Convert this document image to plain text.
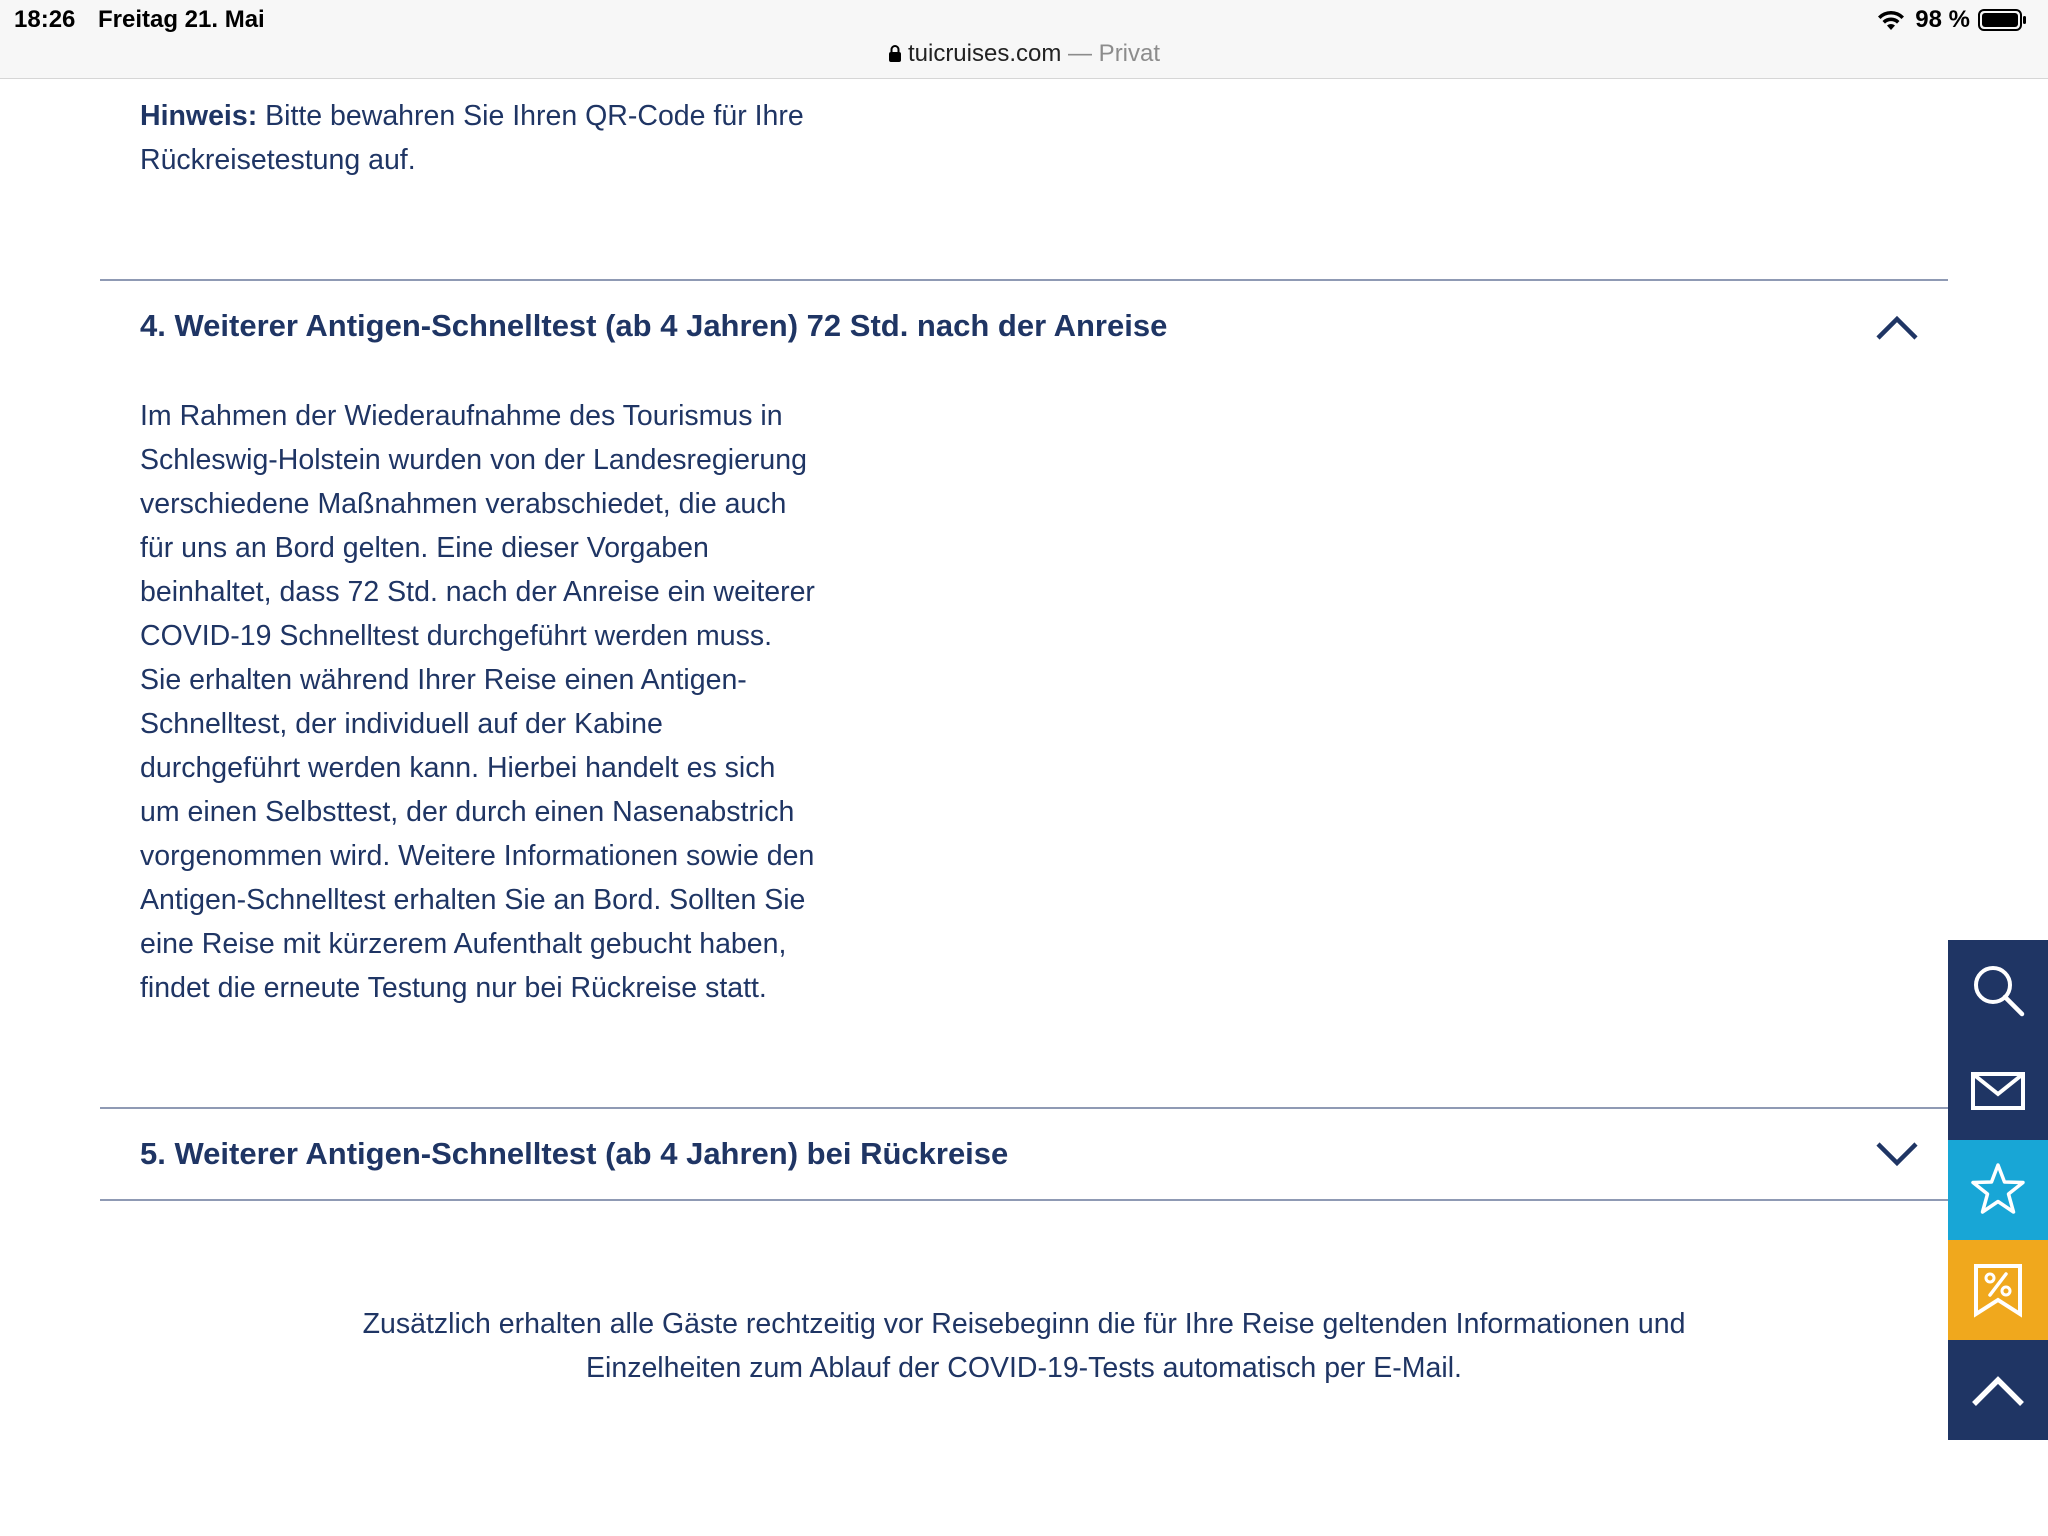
18:26 Freitag 21. Mai	98 %
tuicruises.com — Privat
Hinweis: Bitte bewahren Sie Ihren QR-Code für Ihre Rückreisetestung auf.
4. Weiterer Antigen-Schnelltest (ab 4 Jahren) 72 Std. nach der Anreise
Im Rahmen der Wiederaufnahme des Tourismus in Schleswig-Holstein wurden von der Landesregierung verschiedene Maßnahmen verabschiedet, die auch für uns an Bord gelten. Eine dieser Vorgaben beinhaltet, dass 72 Std. nach der Anreise ein weiterer COVID-19 Schnelltest durchgeführt werden muss. Sie erhalten während Ihrer Reise einen Antigen-Schnelltest, der individuell auf der Kabine durchgeführt werden kann. Hierbei handelt es sich um einen Selbsttest, der durch einen Nasenabstrich vorgenommen wird. Weitere Informationen sowie den Antigen-Schnelltest erhalten Sie an Bord. Sollten Sie eine Reise mit kürzerem Aufenthalt gebucht haben, findet die erneute Testung nur bei Rückreise statt.
5. Weiterer Antigen-Schnelltest (ab 4 Jahren) bei Rückreise
Zusätzlich erhalten alle Gäste rechtzeitig vor Reisebeginn die für Ihre Reise geltenden Informationen und Einzelheiten zum Ablauf der COVID-19-Tests automatisch per E-Mail.
